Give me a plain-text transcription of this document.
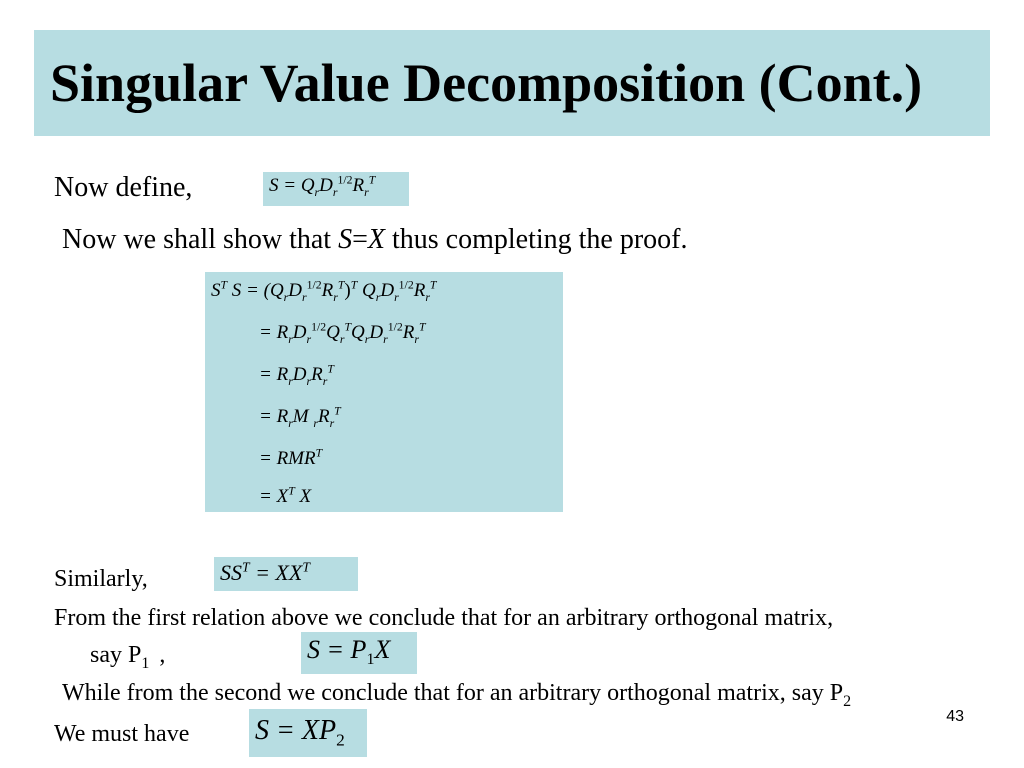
Singular Value Decomposition (Cont.)
Now define,	$S = Q_rD_r^{1/2}R_r^T$
Now we shall show that S=X thus completing the proof.
$S^T$ $S = (Q_rD_r^{1/2}R_r^T)^T$ $Q_rD_r^{1/2}R_r^T$
= $R_rD_r^{1/2}Q_r^TQ_rD_r^{1/2}R_r^T$
= $R_rD_rR_r^T$
= $R_rM$ $_rR_r^T$
= $RMR^T$
= $X^T$ X
Similarly,	$SS^T = XX^T$
From the first relation above we conclude that for an arbitrary orthogonal matrix,
say $P_1$ ,	$S = P_1X$
While from the second we conclude that for an arbitrary orthogonal matrix, say $P_2$
We must have $S = XP_2$
43
